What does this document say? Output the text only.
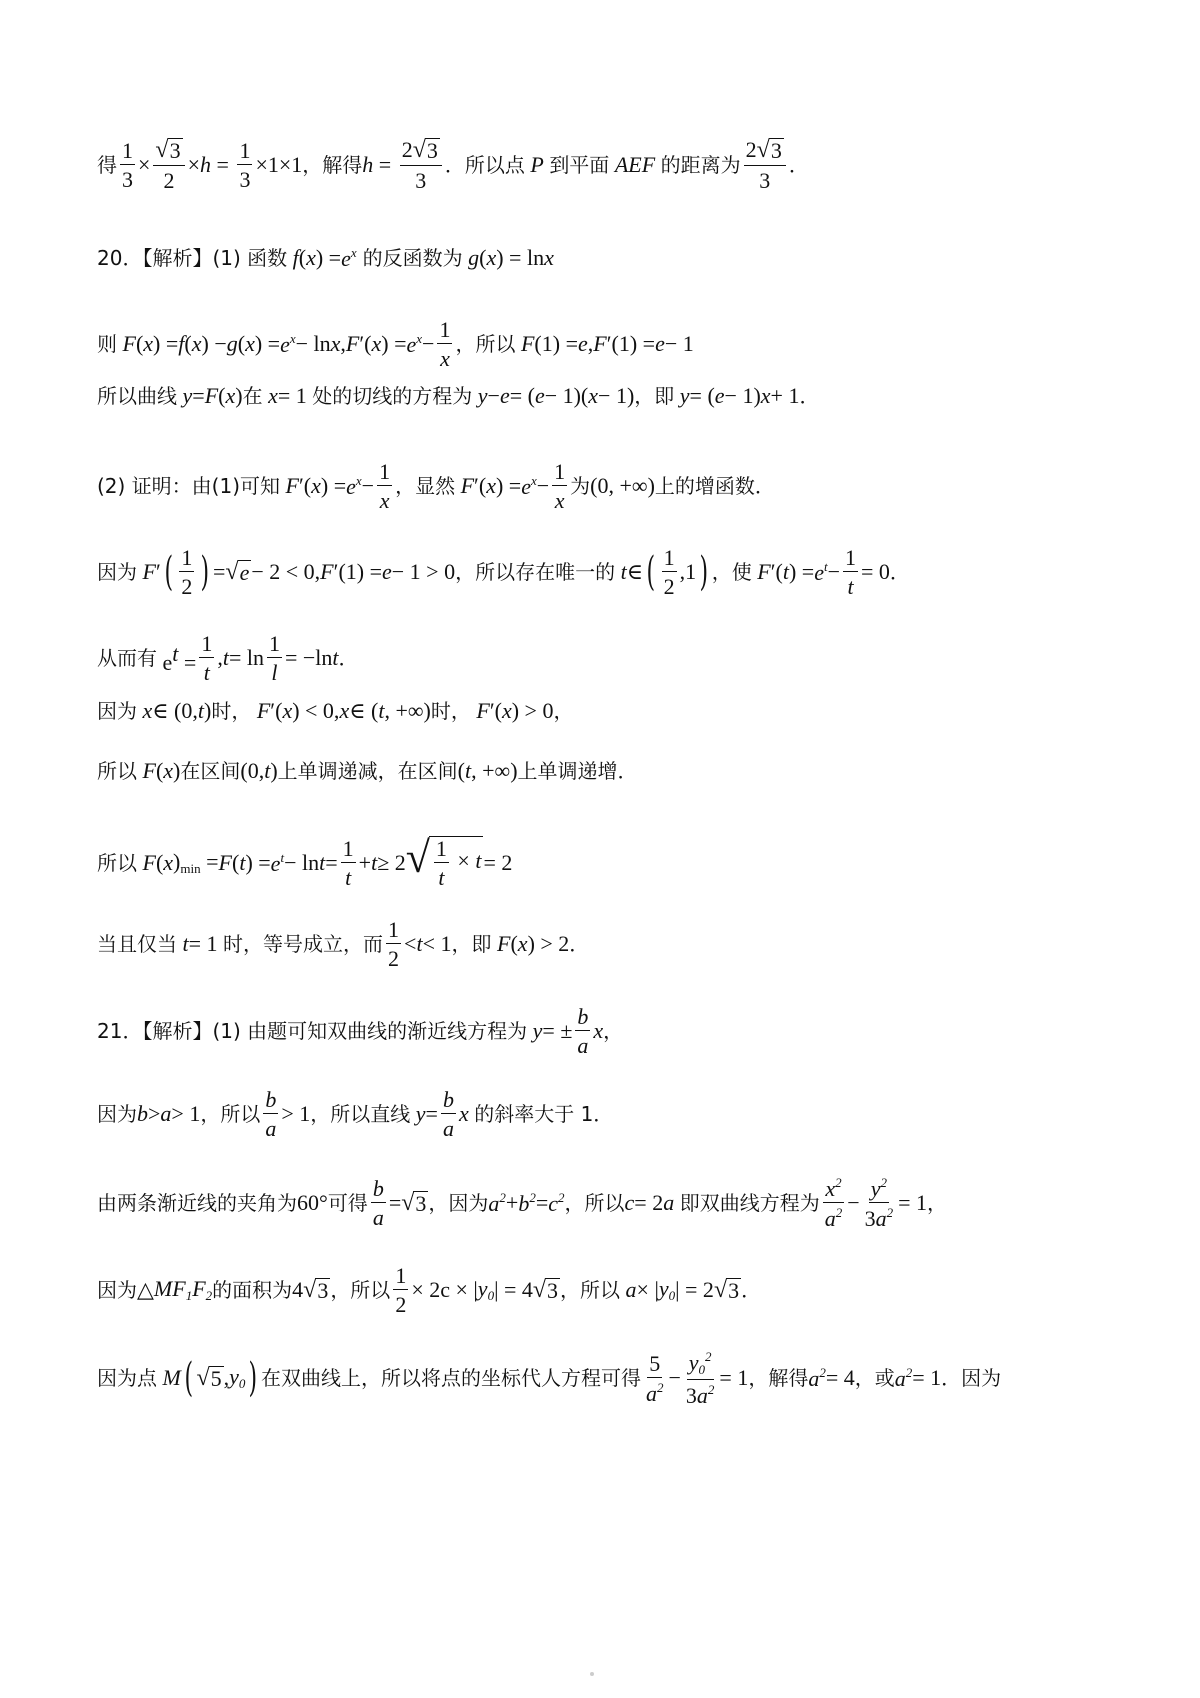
得 $\frac{1}{3} \times \frac{√ 3}{2} \times h = \frac{1}{3} \times 1\times 1$ ，解得 $h = \frac{2 √ 3}{3}$ ．所以点 P 到平面 AEF 的距离为 $\frac{2 √ 3}{3}$ ．
20．【解析】(1) 函数 f ( x ) = $e^x$ 的反函数为 g ( x ) = ln x
则 F ( x ) = f ( x ) − g ( x ) = $e^x - \ln x$ , F ′( x ) = $e^x - \frac{1}{x}$ ，所以 F (1) = e , F ′(1) = e − 1
所以曲线 y = F ( x ) 在 x = 1 处的切线的方程为 y − e = ( e − 1)( x − 1) ，即 y = ( e − 1) x + 1 ．
(2) 证明：由(1)可知 F ′( x ) = $e^x - \frac{1}{x}$ ，显然 F ′( x ) = $e^x - \frac{1}{x}$ 为 (0, +∞) 上的增函数．
因为 F ′ ( $\frac{1}{2}$ ) = √ e − 2 < 0, F ′(1) = e − 1 > 0 ，所以存在唯一的 t ∈ ( $\frac{1}{2} ,1$ ) ，使 F ′( t ) = $e^t - \frac{1}{t} = 0$ ．
从而有 $e^t = \frac{1}{t}$ , $t = \ln \frac{1}{l} = -\ln$ t ．
因为 x ∈ (0, t ) 时， F ′( x ) < 0, x ∈ ( t , +∞) 时， F ′( x ) > 0 ，
所以 F ( x ) 在区间 (0, t ) 上单调递减，在区间 ( t , +∞) 上单调递增．
所以 F ( x )$_{min} = F$ ( t ) = $e^t - \ln t = \frac{1}{t} + t \ge 2$ √ $\frac{1}{t} \times t = 2$
当且仅当 t = 1 时，等号成立，而 $\frac{1}{2} < t < 1$ ，即 F ( x ) > 2 ．
21．【解析】(1) 由题可知双曲线的渐近线方程为 y = ± $\frac{b}{a}$ x ，
因为 b > a > 1 ，所以 $\frac{b}{a} > 1$ ，所以直线 $y = \frac{b}{a}$ x 的斜率大于 1．
由两条渐近线的夹角为 60° 可得 $\frac{b}{a}$ = √ 3 ，因为 $a^2 + b^2 = c^2$ ，所以 c = 2 a 即双曲线方程为 $\frac{x^2}{a^2} - \frac{y^2}{3a^2} = 1$ ，
因为 △ $MF_1F_2$ 的面积为 4 √ 3 ，所以 $\frac{1}{2} \times 2c$ × | $y_0$ | = 4 √ 3 ，所以 a × | $y_0$ | = 2 √ 3 ．
因为点 M ( √ 5 , $y_0$ ) 在双曲线上，所以将点的坐标代人方程可得 $\frac{5}{a^2} - \frac{y_0^2}{3a^2} = 1$ ，解得 $a^2 = 4$ ，或 $a^2 = 1$ ．因为
